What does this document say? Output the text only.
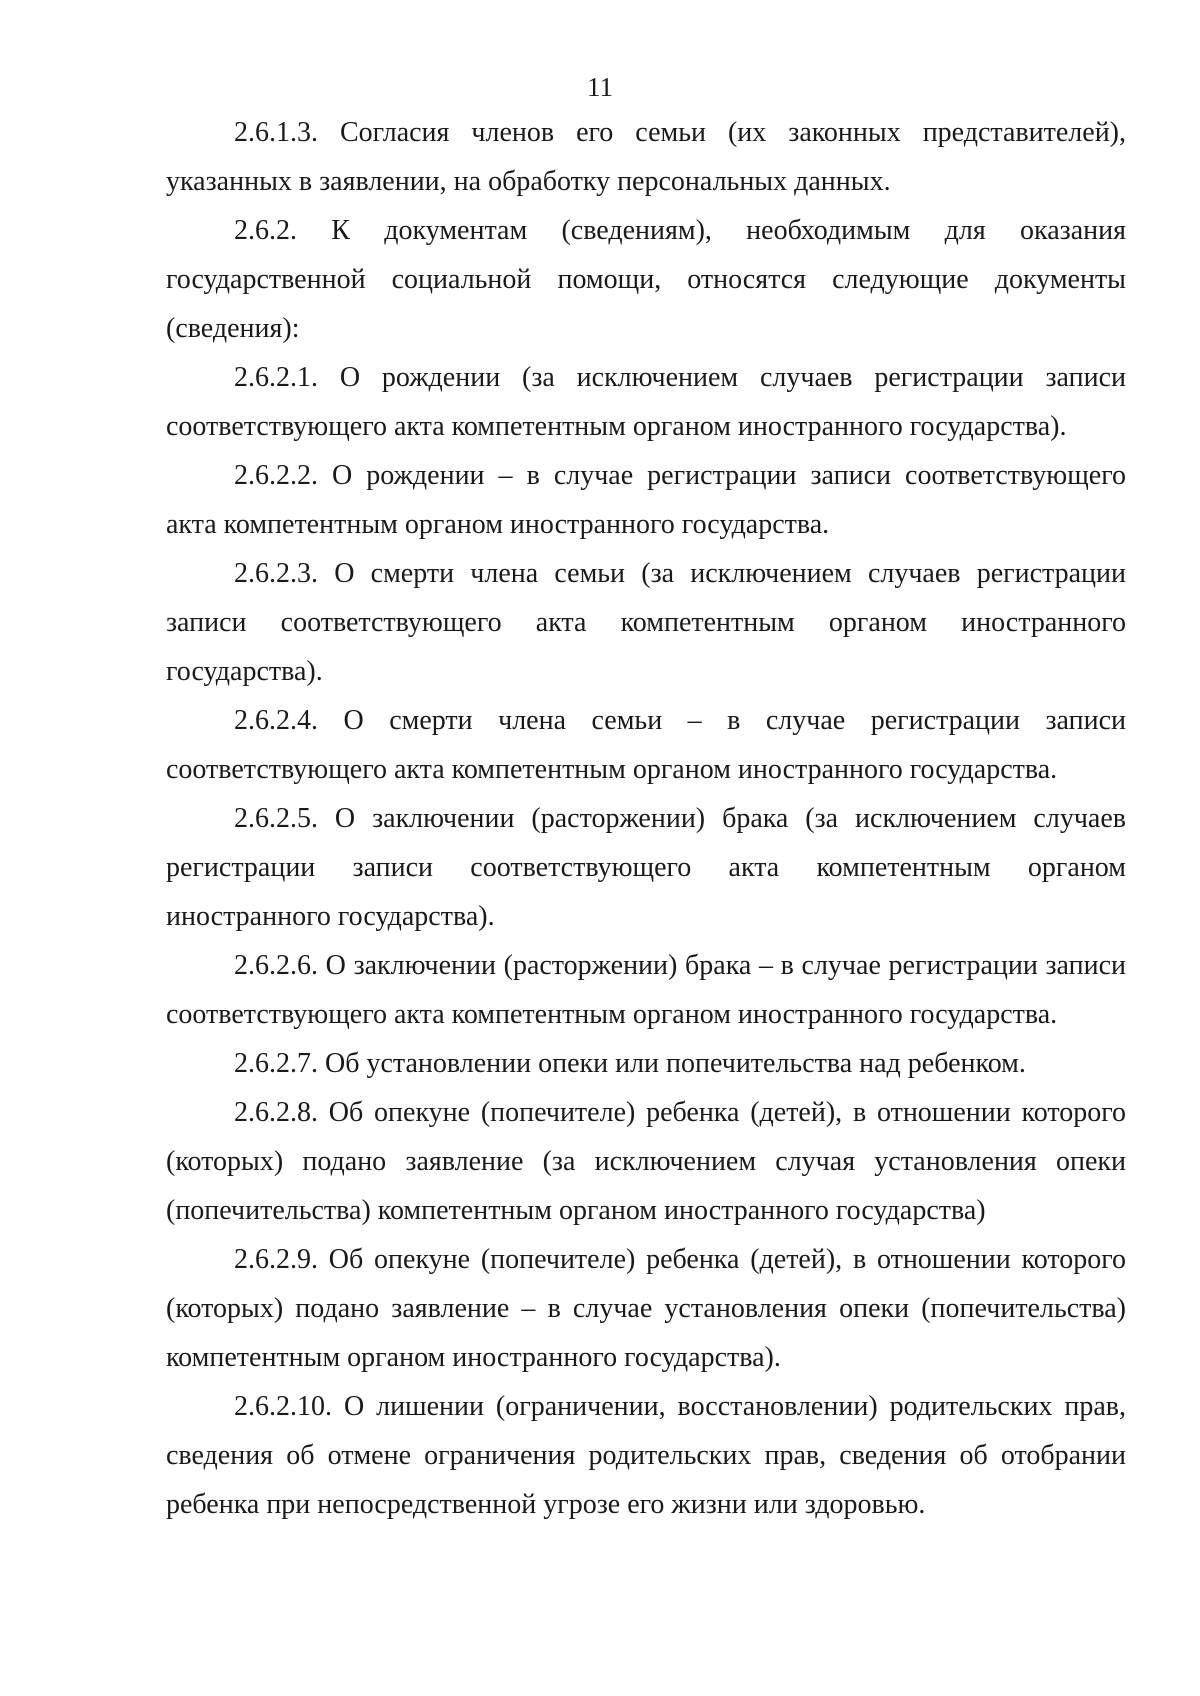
11

2.6.1.3. Согласия членов его семьи (их законных представителей), указанных в заявлении, на обработку персональных данных.

2.6.2. К документам (сведениям), необходимым для оказания государственной социальной помощи, относятся следующие документы (сведения):

2.6.2.1. О рождении (за исключением случаев регистрации записи соответствующего акта компетентным органом иностранного государства).

2.6.2.2. О рождении – в случае регистрации записи соответствующего акта компетентным органом иностранного государства.

2.6.2.3. О смерти члена семьи (за исключением случаев регистрации записи соответствующего акта компетентным органом иностранного государства).

2.6.2.4. О смерти члена семьи – в случае регистрации записи соответствующего акта компетентным органом иностранного государства.

2.6.2.5. О заключении (расторжении) брака (за исключением случаев регистрации записи соответствующего акта компетентным органом иностранного государства).

2.6.2.6. О заключении (расторжении) брака – в случае регистрации записи соответствующего акта компетентным органом иностранного государства.

2.6.2.7. Об установлении опеки или попечительства над ребенком.

2.6.2.8. Об опекуне (попечителе) ребенка (детей), в отношении которого (которых) подано заявление (за исключением случая установления опеки (попечительства) компетентным органом иностранного государства)

2.6.2.9. Об опекуне (попечителе) ребенка (детей), в отношении которого (которых) подано заявление – в случае установления опеки (попечительства) компетентным органом иностранного государства).

2.6.2.10. О лишении (ограничении, восстановлении) родительских прав, сведения об отмене ограничения родительских прав, сведения об отобрании ребенка при непосредственной угрозе его жизни или здоровью.
